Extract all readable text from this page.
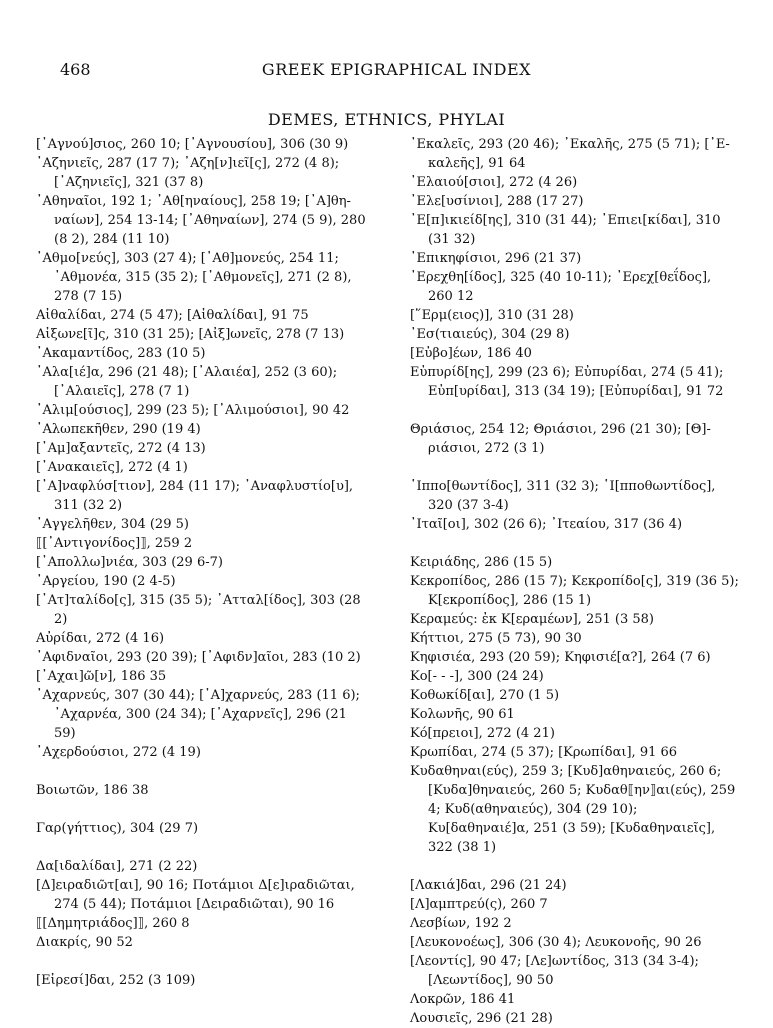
468	GREEK EPIGRAPHICAL INDEX
DEMES, ETHNICS, PHYLAI

[᾿Αγνού]σιος, 260 10; [᾿Αγνουσίου], 306 (30 9)

᾿Αζηνιεῖς, 287 (17 7); ᾿Αζη[ν]ιεῖ[ς], 272 (4 8); [᾿Αζηνιεῖς], 321 (37 8)

᾿Αθηναῖοι, 192 1; ᾿Αθ[ηναίους], 258 19; [᾿Α]θη-ναίων], 254 13-14; [᾿Αθηναίων], 274 (5 9), 280 (8 2), 284 (11 10)

᾿Αθμο[νεύς], 303 (27 4); [᾿Αθ]μονεύς, 254 11; ᾿Αθμονέα, 315 (35 2); [᾿Αθμονεῖς], 271 (2 8), 278 (7 15)

Αἰθαλίδαι, 274 (5 47); [Αἰθαλίδαι], 91 75

Αἰξωνε[ῖ]ς, 310 (31 25); [Αἰξ]ωνεῖς, 278 (7 13)

᾿Ακαμαντίδος, 283 (10 5)

᾿Αλα[ιέ]α, 296 (21 48); [᾿Αλαιέα], 252 (3 60); [᾿Αλαιεῖς], 278 (7 1)

᾿Αλιμ[ούσιος], 299 (23 5); [᾿Αλιμούσιοι], 90 42

᾿Αλωπεκῆθεν, 290 (19 4)

[᾿Αμ]αξαντεῖς, 272 (4 13)

[᾿Ανακαιεῖς], 272 (4 1)

[᾿Α]ναφλύσ[τιον], 284 (11 17); ᾿Αναφλυστίο[υ], 311 (32 2)

᾿Αγγελῆθεν, 304 (29 5)

⟦[᾿Αντιγονίδος]⟧, 259 2

[᾿Απολλω]νιέα, 303 (29 6-7)

᾿Αργείου, 190 (2 4-5)

[᾿Ατ]ταλίδο[ς], 315 (35 5); ᾿Ατταλ[ίδος], 303 (28 2)

Αὐρίδαι, 272 (4 16)

᾿Αφιδναῖοι, 293 (20 39); [᾿Αφιδν]αῖοι, 283 (10 2)

[᾿Αχαι]ῶ[ν], 186 35

᾿Αχαρνεύς, 307 (30 44); [᾿Α]χαρνεύς, 283 (11 6); ᾿Αχαρνέα, 300 (24 34); [᾿Αχαρνεῖς], 296 (21 59)

᾿Αχερδούσιοι, 272 (4 19)

Βοιωτῶν, 186 38

Γαρ(γήττιος), 304 (29 7)

Δα[ιδαλίδαι], 271 (2 22)

[Δ]ειραδιῶτ[αι], 90 16; Ποτάμιοι Δ[ε]ιραδιῶται, 274 (5 44); Ποτάμιοι [Δειραδιῶται), 90 16

⟦[Δημητριάδος]⟧, 260 8

Διακρίς, 90 52

[Εἰρεσί]δαι, 252 (3 109)

᾿Εκαλεῖς, 293 (20 46); ᾿Εκαλῆς, 275 (5 71); [᾿Ε-καλεῆς], 91 64

᾿Ελαιού[σιοι], 272 (4 26)

᾿Ελε[υσίνιοι], 288 (17 27)

᾿Ε[π]ικιείδ[ης], 310 (31 44); ᾿Επιει[κίδαι], 310 (31 32)

᾿Επικηφίσιοι, 296 (21 37)

᾿Ερεχθη[ίδος], 325 (40 10-11); ᾿Ερεχ[θεΐδος], 260 12

[῞Ερμ(ειος)], 310 (31 28)

᾿Εσ(τιαιεύς), 304 (29 8)

[Εὐβο]έων, 186 40

Εὐπυρίδ[ης], 299 (23 6); Εὐπυρίδαι, 274 (5 41); Εὐπ[υρίδαι], 313 (34 19); [Εὐπυρίδαι], 91 72

Θριάσιος, 254 12; Θριάσιοι, 296 (21 30); [Θ]-ριάσιοι, 272 (3 1)

῾Ιππο[θωντίδος], 311 (32 3); ῾Ι[πποθωντίδος], 320 (37 3-4)

᾿Ιταῖ[οι], 302 (26 6); ᾿Ιτεαίου, 317 (36 4)

Κειριάδης, 286 (15 5)

Κεκροπίδος, 286 (15 7); Κεκροπίδο[ς], 319 (36 5); Κ[εκροπίδος], 286 (15 1)

Κεραμεύς: ἐκ Κ[εραμέων], 251 (3 58)

Κήττιοι, 275 (5 73), 90 30

Κηφισιέα, 293 (20 59); Κηφισιέ[α?], 264 (7 6)

Κο[- - -], 300 (24 24)

Κοθωκίδ[αι], 270 (1 5)

Κολωνῆς, 90 61

Κό[πρειοι], 272 (4 21)

Κρωπίδαι, 274 (5 37); [Κρωπίδαι], 91 66

Κυδαθηναι(εύς), 259 3; [Κυδ]αθηναιεύς, 260 6; [Κυδα]θηναιεύς, 260 5; Κυδαθ⟦ην⟧αι(εύς), 259 4; Κυδ(αθηναιεύς), 304 (29 10); Κυ[δαθηναιέ]α, 251 (3 59); [Κυδαθηναιεῖς], 322 (38 1)

[Λακιά]δαι, 296 (21 24)

[Λ]αμπτρεύ(ς), 260 7

Λεσβίων, 192 2

[Λευκονοέως], 306 (30 4); Λευκονοῆς, 90 26

[Λεοντίς], 90 47; [Λε]ωντίδος, 313 (34 3-4); [Λεωντίδος], 90 50

Λοκρῶν, 186 41

Λουσιεῖς, 296 (21 28)
